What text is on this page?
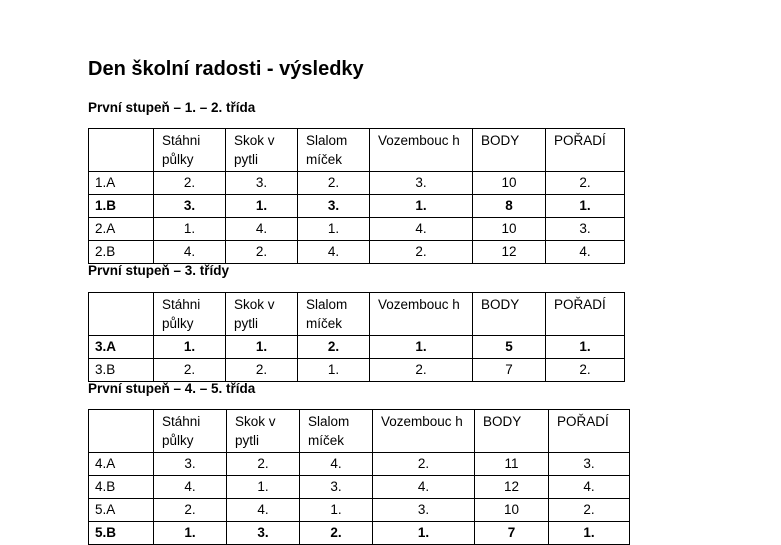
Den školní radosti - výsledky
První stupeň – 1. – 2. třída

	Stáhni půlky	Skok v pytli	Slalom míček	Vozembouc h	BODY	POŘADÍ

1.A	2.	3.	2.	3.	10	2.
1.B	3.	1.	3.	1.	8	1.
2.A	1.	4.	1.	4.	10	3.
2.B	4.	2.	4.	2.	12	4.
První stupeň – 3. třídy

	Stáhni půlky	Skok v pytli	Slalom míček	Vozembouc h	BODY	POŘADÍ

3.A	1.	1.	2.	1.	5	1.
3.B	2.	2.	1.	2.	7	2.
První stupeň – 4. – 5. třída

	Stáhni půlky	Skok v pytli	Slalom míček	Vozembouc h	BODY	POŘADÍ

4.A	3.	2.	4.	2.	11	3.
4.B	4.	1.	3.	4.	12	4.
5.A	2.	4.	1.	3.	10	2.
5.B	1.	3.	2.	1.	7	1.
